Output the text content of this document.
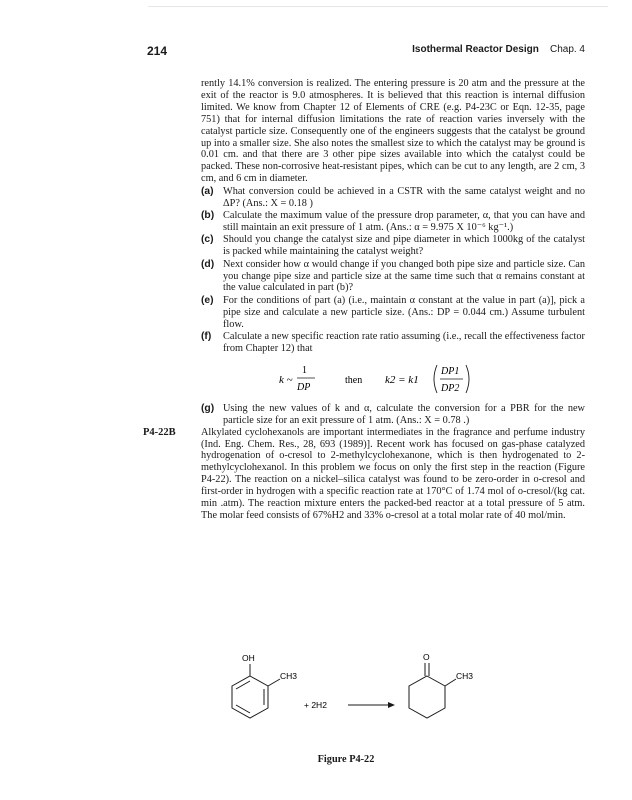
214	Isothermal Reactor Design Chap. 4

rently 14.1% conversion is realized. The entering pressure is 20 atm and the pressure at the exit of the reactor is 9.0 atmospheres. It is believed that this reaction is internal diffusion limited. We know from Chapter 12 of Elements of CRE (e.g. P4-23C or Eqn. 12-35, page 751) that for internal diffusion limitations the rate of reaction varies inversely with the catalyst particle size. Consequently one of the engineers suggests that the catalyst be ground up into a smaller size. She also notes the smallest size to which the catalyst may be ground is 0.01 cm. and that there are 3 other pipe sizes available into which the catalyst could be packed. These non-corrosive heat-resistant pipes, which can be cut to any length, are 2 cm, 3 cm, and 6 cm in diameter.

(a) What conversion could be achieved in a CSTR with the same catalyst weight and no ΔP? (Ans.: X = 0.18 )
(b) Calculate the maximum value of the pressure drop parameter, α, that you can have and still maintain an exit pressure of 1 atm. (Ans.: α = 9.975 X 10⁻⁶ kg⁻¹.)
(c) Should you change the catalyst size and pipe diameter in which 1000kg of the catalyst is packed while maintaining the catalyst weight?
(d) Next consider how α would change if you changed both pipe size and particle size. Can you change pipe size and particle size at the same time such that α remains constant at the value calculated in part (b)?
(e) For the conditions of part (a) (i.e., maintain α constant at the value in part (a)], pick a pipe size and calculate a new particle size. (Ans.: DP = 0.044 cm.) Assume turbulent flow.
(f)	Calculate a new specific reaction rate ratio assuming (i.e., recall the effectiveness factor from Chapter 12) that
k ~
1
DP
then k2 = k1
DP1
DP2
(g) Using the new values of k and α, calculate the conversion for a PBR for the new particle size for an exit pressure of 1 atm. (Ans.: X = 0.78 .)
P4-22B Alkylated cyclohexanols are important intermediates in the fragrance and perfume industry (Ind. Eng. Chem. Res., 28, 693 (1989)]. Recent work has focused on gas-phase catalyzed hydrogenation of o-cresol to 2-methylcyclohexanone, which is then hydrogenated to 2-methylcyclohexanol. In this problem we focus on only the first step in the reaction (Figure P4-22). The reaction on a nickel–silica catalyst was found to be zero-order in o-cresol and first-order in hydrogen with a specific reaction rate at 170°C of 1.74 mol of o-cresol/(kg cat. min .atm). The reaction mixture enters the packed-bed reactor at a total pressure of 5 atm. The molar feed consists of 67%H2 and 33% o-cresol at a total molar rate of 40 mol/min.

OH
CH3
+ 2H2
O
CH3
Figure P4-22
